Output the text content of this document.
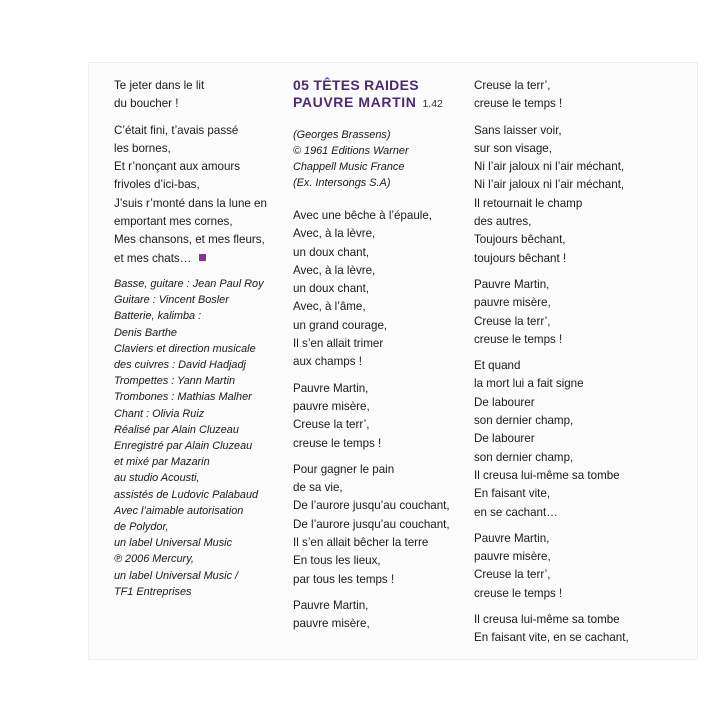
Te jeter dans le lit
du boucher !
C’était fini, t’avais passé
les bornes,
Et r’nonçant aux amours
frivoles d’ici-bas,
J’suis r’monté dans la lune en
emportant mes cornes,
Mes chansons, et mes fleurs,
et mes chats…
Basse, guitare : Jean Paul Roy
Guitare : Vincent Bosler
Batterie, kalimba :
Denis Barthe
Claviers et direction musicale
des cuivres : David Hadjadj
Trompettes : Yann Martin
Trombones : Mathias Malher
Chant : Olivia Ruiz
Réalisé par Alain Cluzeau
Enregistré par Alain Cluzeau
et mixé par Mazarin
au studio Acousti,
assistés de Ludovic Palabaud
Avec l’aimable autorisation
de Polydor,
un label Universal Music
℗ 2006 Mercury,
un label Universal Music /
TF1 Entreprises
05 TÊTES RAIDES
PAUVRE MARTIN 1.42
(Georges Brassens)
© 1961 Editions Warner
Chappell Music France
(Ex. Intersongs S.A)
Avec une bêche à l’épaule,
Avec, à la lèvre,
un doux chant,
Avec, à la lèvre,
un doux chant,
Avec, à l’âme,
un grand courage,
Il s’en allait trimer
aux champs !
Pauvre Martin,
pauvre misère,
Creuse la terr’,
creuse le temps !
Pour gagner le pain
de sa vie,
De l’aurore jusqu’au couchant,
De l’aurore jusqu’au couchant,
Il s’en allait bêcher la terre
En tous les lieux,
par tous les temps !
Pauvre Martin,
pauvre misère,
Creuse la terr’,
creuse le temps !
Sans laisser voir,
sur son visage,
Ni l’air jaloux ni l’air méchant,
Ni l’air jaloux ni l’air méchant,
Il retournait le champ
des autres,
Toujours bêchant,
toujours bêchant !
Pauvre Martin,
pauvre misère,
Creuse la terr’,
creuse le temps !
Et quand
la mort lui a fait signe
De labourer
son dernier champ,
De labourer
son dernier champ,
Il creusa lui-même sa tombe
En faisant vite,
en se cachant…
Pauvre Martin,
pauvre misère,
Creuse la terr’,
creuse le temps !
Il creusa lui-même sa tombe
En faisant vite, en se cachant,
